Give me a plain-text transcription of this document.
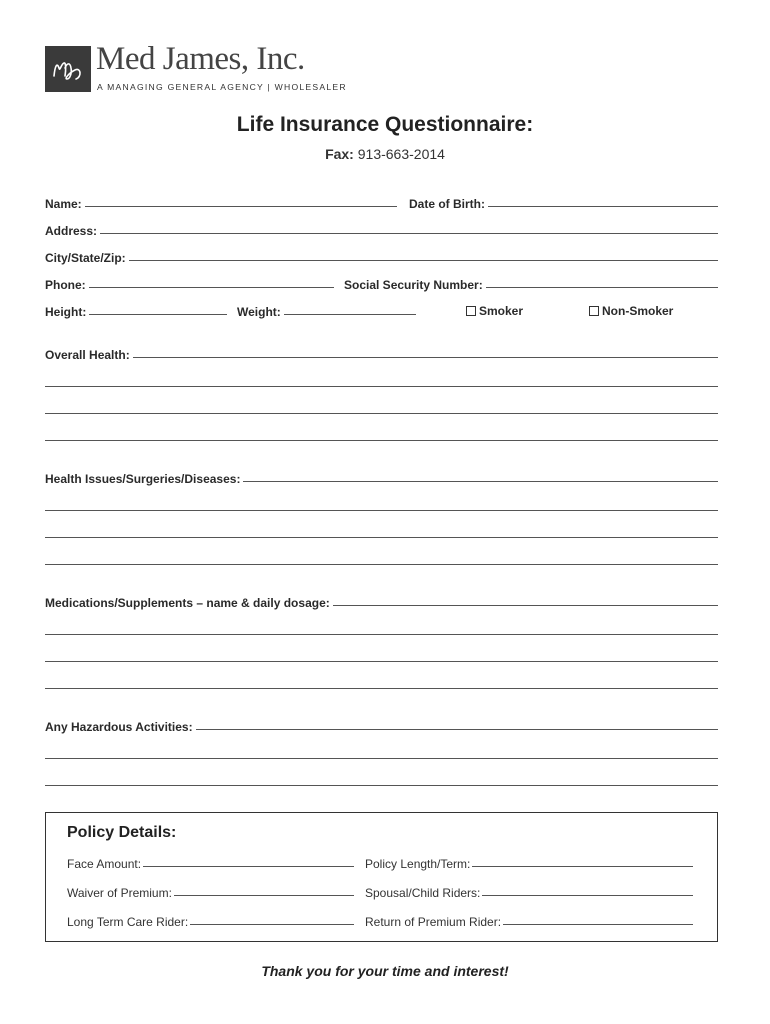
Med James, Inc.
A MANAGING GENERAL AGENCY | WHOLESALER
Life Insurance Questionnaire:
Fax: 913-663-2014
Name:	Date of Birth:
Address:
City/State/Zip:
Phone:	Social Security Number:
Height:	Weight:	Smoker	Non-Smoker
Overall Health:
Health Issues/Surgeries/Diseases:
Medications/Supplements – name & daily dosage:
Any Hazardous Activities:
Policy Details:
Face Amount:	Policy Length/Term:
Waiver of Premium:	Spousal/Child Riders:
Long Term Care Rider:	Return of Premium Rider:
Thank you for your time and interest!
